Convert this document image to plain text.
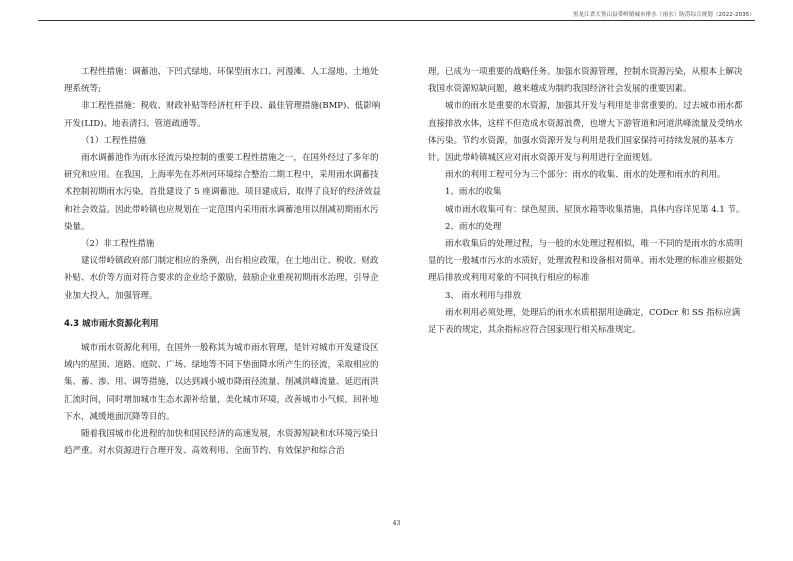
黑龙江省大箐山县带岭镇城市排水（雨水）防涝综合规划（2022-2035）

工程性措施：调蓄池、下凹式绿地、环保型雨水口、河漫滩、人工湿地、土地处理系统等;

非工程性措施：税收、财政补贴等经济杠杆手段、最佳管理措施(BMP)、低影响开发(LID)、地表清扫、管道疏通等。

（1）工程性措施

雨水调蓄池作为雨水径流污染控制的重要工程性措施之一，在国外经过了多年的研究和应用。在我国，上海率先在苏州河环境综合整治二期工程中，采用雨水调蓄技术控制初期雨水污染，首批建设了 5 座调蓄池。项目建成后，取得了良好的经济效益和社会效益。因此带岭镇也应规划在一定范围内采用雨水调蓄池用以削减初期雨水污染量。

（2）非工程性措施

建议带岭镇政府部门制定相应的条例，出台相应政策，在土地出让、税收、财政补贴、水价等方面对符合要求的企业给予激励，鼓励企业重视初期雨水治理，引导企业加大投入，加强管理。

4.3 城市雨水资源化利用

城市雨水资源化利用，在国外一般称其为城市雨水管理，是针对城市开发建设区域内的屋顶、道路、庭院、广场、绿地等不同下垫面降水所产生的径流，采取相应的集、蓄、渗、用、调等措施，以达到减小城市降雨径流量、削减洪峰流量、延迟雨洪汇流时间，同时增加城市生态水源补给量，美化城市环境，改善城市小气候，回补地下水，减缓地面沉降等目的。

随着我国城市化进程的加快和国民经济的高速发展，水资源短缺和水环境污染日趋严重。对水资源进行合理开发、高效利用、全面节约、有效保护和综合治

理，已成为一项重要的战略任务。加强水资源管理，控制水资源污染，从根本上解决我国水资源短缺问题，越来越成为制约我国经济社会发展的重要因素。

城市的雨水是重要的水资源，加强其开发与利用是非常重要的。过去城市雨水都直接排放水体，这样不但造成水资源浪费，也增大下游管道和河道洪峰流量及受纳水体污染。节约水资源，加强水资源开发与利用是我们国家保持可持续发展的基本方针。因此带岭镇城区应对雨水资源开发与利用进行全面规划。

雨水的利用工程可分为三个部分：雨水的收集、雨水的处理和雨水的利用。

1、雨水的收集

城市雨水收集可有：绿色屋顶、屋顶水箱等收集措施，具体内容详见第 4.1 节。

2、雨水的处理

雨水收集后的处理过程，与一般的水处理过程相似，唯一不同的是雨水的水质明显的比一般城市污水的水质好，处理流程和设备相对简单。雨水处理的标准应根据处理后排放或利用对象的不同执行相应的标准

3、 雨水利用与排放

雨水利用必须处理，处理后的雨水水质根据用途确定，CODcr 和 SS 指标应满足下表的规定，其余指标应符合国家现行相关标准规定。

43
